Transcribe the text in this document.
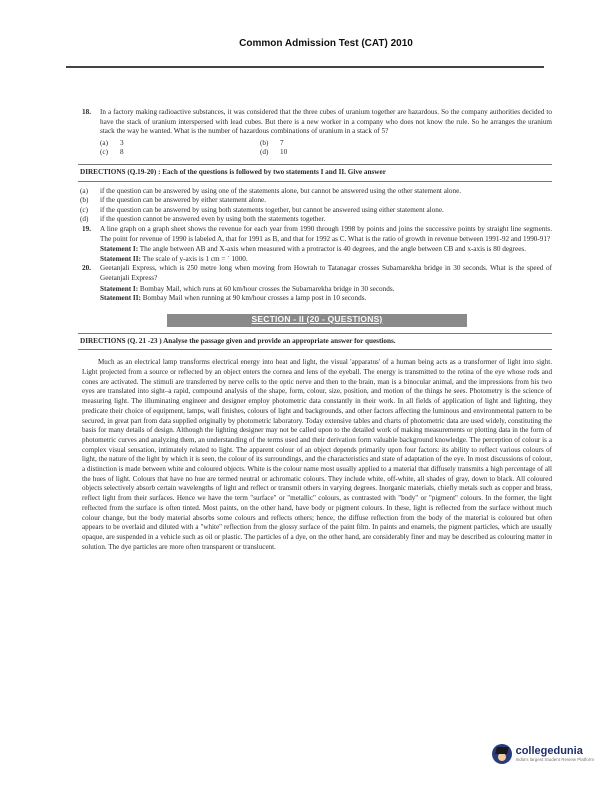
Common Admission Test (CAT) 2010
18.	In a factory making radioactive substances, it was considered that the three cubes of uranium together are hazardous. So the company authorities decided to have the stack of uranium interspersed with lead cubes. But there is a new worker in a company who does not know the rule. So he arranges the uranium stack the way he wanted. What is the number of hazardous combinations of uranium in a stack of 5?
(a)	3	(b)	7
(c)	8	(d)	10
DIRECTIONS (Q.19-20) : Each of the questions is followed by two statements I and II. Give answer
(a)	if the question can be answered by using one of the statements alone, but cannot be answered using the other statement alone.
(b)	if the question can be answered by either statement alone.
(c)	if the question can be answered by using both statements together, but cannot be answered using either statement alone.
(d)	if the question cannot be answered even by using both the statements together.
19.	A line graph on a graph sheet shows the revenue for each year from 1990 through 1998 by points and joins the successive points by straight line segments. The point for revenue of 1990 is labeled A, that for 1991 as B, and that for 1992 as C. What is the ratio of growth in revenue between 1991-92 and 1990-91?
Statement I: The angle between AB and X-axis when measured with a protractor is 40 degrees, and the angle between CB and x-axis is 80 degrees.
Statement II: The scale of y-axis is 1 cm = ` 1000.
20.	Geetanjali Express, which is 250 metre long when moving from Howrah to Tatanagar crosses Subarnarekha bridge in 30 seconds. What is the speed of Geetanjali Express?
Statement I: Bombay Mail, which runs at 60 km/hour crosses the Subarnarekha bridge in 30 seconds.
Statement II: Bombay Mail when running at 90 km/hour crosses a lamp post in 10 seconds.
SECTION - II (20 - QUESTIONS)
DIRECTIONS (Q. 21 -23 ) Analyse the passage given and provide an appropriate answer for questions.
Much as an electrical lamp transforms electrical energy into heat and light, the visual 'apparatus' of a human being acts as a transformer of light into sight. Light projected from a source or reflected by an object enters the cornea and lens of the eyeball. The energy is transmitted to the retina of the eye whose rods and cones are activated. The stimuli are transferred by nerve cells to the optic nerve and then to the brain, man is a binocular animal, and the impressions from his two eyes are translated into sight–a rapid, compound analysis of the shape, form, colour, size, position, and motion of the things he sees. Photometry is the science of measuring light. The illuminating engineer and designer employ photometric data constantly in their work. In all fields of application of light and lighting, they predicate their choice of equipment, lamps, wall finishes, colours of light and backgrounds, and other factors affecting the luminous and environmental pattern to be secured, in great part from data supplied originally by photometric laboratory. Today extensive tables and charts of photometric data are used widely, constituting the basis for many details of design. Although the lighting designer may not be called upon to the detailed work of making measurements or plotting data in the form of photometric curves and analyzing them, an understanding of the terms used and their derivation form valuable background knowledge. The perception of colour is a complex visual sensation, intimately related to light. The apparent colour of an object depends primarily upon four factors: its ability to reflect various colours of light, the nature of the light by which it is seen, the colour of its surroundings, and the characteristics and state of adaptation of the eye. In most discussions of colour, a distinction is made between white and coloured objects. White is the colour name most usually applied to a material that diffusely transmits a high percentage of all the hues of light. Colours that have no hue are termed neutral or achromatic colours. They include white, off-white, all shades of gray, down to black. All coloured objects selectively absorb certain wavelengths of light and reflect or transmit others in varying degrees. Inorganic materials, chiefly metals such as copper and brass, reflect light from their surfaces. Hence we have the term "surface" or "metallic" colours, as contrasted with "body" or "pigment" colours. In the former, the light reflected from the surface is often tinted. Most paints, on the other hand, have body or pigment colours. In these, light is reflected from the surface without much colour change, but the body material absorbs some colours and reflects others; hence, the diffuse reflection from the body of the material is coloured but often appears to be overlaid and diluted with a "white" reflection from the glossy surface of the paint film. In paints and enamels, the pigment particles, which are usually opaque, are suspended in a vehicle such as oil or plastic. The particles of a dye, on the other hand, are considerably finer and may be described as colouring matter in solution. The dye particles are more often transparent or translucent.
collegedunia
India's largest Student Review Platform
